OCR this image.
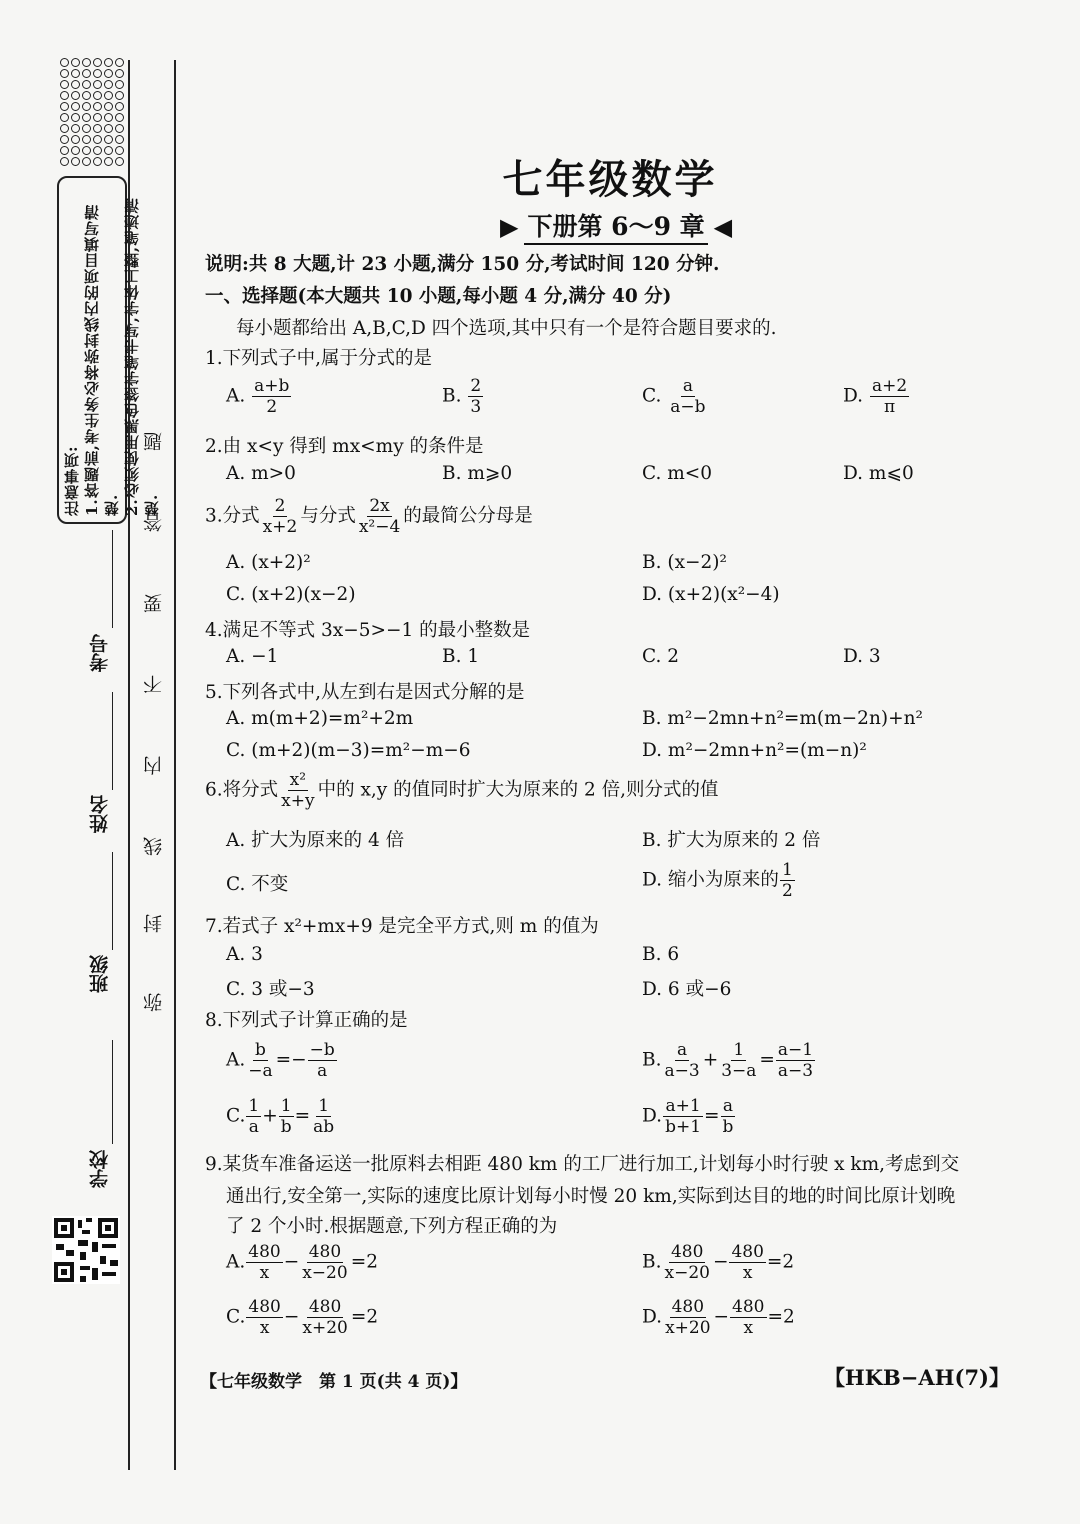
注意事项: 1.答题前,考生务必将弥封线内的项目填写清楚. 2.必须使用黑色签字笔书写,字体工整,笔迹清楚.
考号
姓名
班级
学校
题
答
要
不
内
线
封
弥
七年级数学
▶ 下册第 6～9 章 ◀
说明:共 8 大题,计 23 小题,满分 150 分,考试时间 120 分钟.
一、选择题(本大题共 10 小题,每小题 4 分,满分 40 分)
每小题都给出 A,B,C,D 四个选项,其中只有一个是符合题目要求的.
1.下列式子中,属于分式的是
A. $\frac{a+b}{2}$	B. $\frac{2}{3}$	C. $\frac{a}{a-b}$	D. $\frac{a+2}{\pi}$
2.由 x<y 得到 mx<my 的条件是
A. m>0	B. m⩾0	C. m<0	D. m⩽0
3.分式 $\frac{2}{x+2}$ 与分式 $\frac{2x}{\text{x²−4}}$ 的最简公分母是
A. (x+2)²	B. (x−2)²
C. (x+2)(x−2)	D. (x+2)(x²−4)
4.满足不等式 3x−5>−1 的最小整数是
A. −1	B. 1	C. 2	D. 3
5.下列各式中,从左到右是因式分解的是
A. m(m+2)=m²+2m	B. m²−2mn+n²=m(m−2n)+n²
C. (m+2)(m−3)=m²−m−6	D. m²−2mn+n²=(m−n)²
6.将分式 $\frac{\text{x²}}{x+y}$ 中的 x,y 的值同时扩大为原来的 2 倍,则分式的值
A. 扩大为原来的 4 倍	B. 扩大为原来的 2 倍
C. 不变	D. 缩小为原来的 $\frac{1}{2}$
7.若式子 x²+mx+9 是完全平方式,则 m 的值为
A. 3	B. 6
C. 3 或−3	D. 6 或−6
8.下列式子计算正确的是
A. $\frac{b}{-a} =- \frac{-b}{a}$	B. $\frac{a}{a-3} + \frac{1}{3-a} = \frac{a-1}{a-3}$
C. $\frac{1}{a} + \frac{1}{b} = \frac{1}{ab}$	D. $\frac{a+1}{b+1} = \frac{a}{b}$
9.某货车准备运送一批原料去相距 480 km 的工厂进行加工,计划每小时行驶 x km,考虑到交
通出行,安全第一,实际的速度比原计划每小时慢 20 km,实际到达目的地的时间比原计划晚
了 2 个小时.根据题意,下列方程正确的为
A. $\frac{480}{x} - \frac{480}{x-20} =2$	B. $\frac{480}{x-20} - \frac{480}{x} =2$
C. $\frac{480}{x} - \frac{480}{x+20} =2$	D. $\frac{480}{x+20} - \frac{480}{x} =2$
【七年级数学　第 1 页(共 4 页)】	【HKB−AH(7)】
